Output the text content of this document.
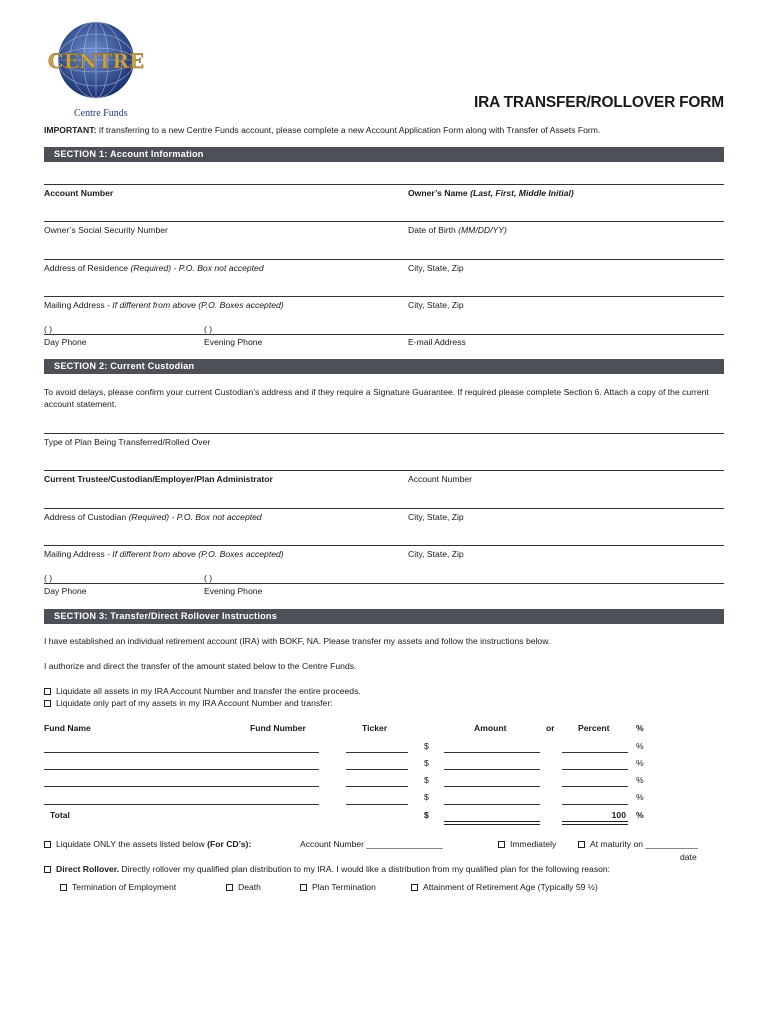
CENTRE
Centre Funds
IRA TRANSFER/ROLLOVER FORM
IMPORTANT: If transferring to a new Centre Funds account, please complete a new Account Application Form along with Transfer of Assets Form.
SECTION 1: Account Information
Account Number	Owner’s Name (Last, First, Middle Initial)
Owner’s Social Security Number	Date of Birth (MM/DD/YY)
Address of Residence (Required) - P.O. Box not accepted	City, State, Zip
Mailing Address - If different from above (P.O. Boxes accepted)	City, State, Zip
( )	( )
Day Phone	Evening Phone	E-mail Address
SECTION 2: Current Custodian
To avoid delays, please confirm your current Custodian’s address and if they require a Signature Guarantee. If required please complete Section 6. Attach a copy of the current account statement.
Type of Plan Being Transferred/Rolled Over
Current Trustee/Custodian/Employer/Plan Administrator	Account Number
Address of Custodian (Required) - P.O. Box not accepted	City, State, Zip
Mailing Address - If different from above (P.O. Boxes accepted)	City, State, Zip
( )	( )
Day Phone	Evening Phone
SECTION 3: Transfer/Direct Rollover Instructions
I have established an individual retirement account (IRA) with BOKF, NA. Please transfer my assets and follow the instructions below.
I authorize and direct the transfer of the amount stated below to the Centre Funds.
Liquidate all assets in my IRA Account Number and transfer the entire proceeds.
Liquidate only part of my assets in my IRA Account Number and transfer:
Fund Name	Fund Number	Ticker	Amount	or	Percent	%
$	%
$	%
$	%
$	%
Total	$	100 %
Liquidate ONLY the assets listed below (For CD’s):	Account Number ________________	Immediately	At maturity on ___________
date
Direct Rollover. Directly rollover my qualified plan distribution to my IRA. I would like a distribution from my qualified plan for the following reason:
Termination of Employment	Death	Plan Termination	Attainment of Retirement Age (Typically 59 ½)
